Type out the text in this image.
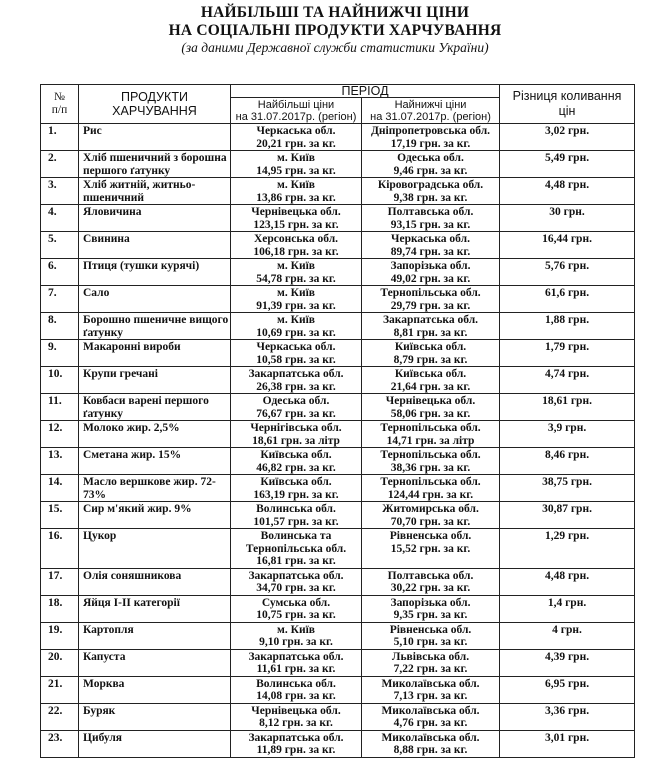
НАЙБІЛЬШІ ТА НАЙНИЖЧІ ЦІНИ
НА СОЦІАЛЬНІ ПРОДУКТИ ХАРЧУВАННЯ
(за даними Державної служби статистики України)
№
п/п	ПРОДУКТИ
ХАРЧУВАННЯ	ПЕРІОД		Різниця коливання
цін

		Найбільші ціни
на 31.07.2017р. (регіон)	Найнижчі ціни
на 31.07.2017р. (регіон)	

1.	Рис	Черкаська обл.
20,21 грн. за кг.	Дніпропетровська обл.
17,19 грн. за кг.	3,02 грн.
2.	Хліб пшеничний з борошна
першого ґатунку	м. Київ
14,95 грн. за кг.	Одеська обл.
9,46 грн. за кг.	5,49 грн.
3.	Хліб житній, житньо-
пшеничний	м. Київ
13,86 грн. за кг.	Кіровоградська обл.
9,38 грн. за кг.	4,48 грн.
4.	Яловичина	Чернівецька обл.
123,15 грн. за кг.	Полтавська обл.
93,15 грн. за кг.	30 грн.
5.	Свинина	Херсонська обл.
106,18 грн. за кг.	Черкаська обл.
89,74 грн. за кг.	16,44 грн.
6.	Птиця (тушки курячі)	м. Київ
54,78 грн. за кг.	Запорізька обл.
49,02 грн. за кг.	5,76 грн.
7.	Сало	м. Київ
91,39 грн. за кг.	Тернопільська обл.
29,79 грн. за кг.	61,6 грн.
8.	Борошно пшеничне вищого
ґатунку	м. Київ
10,69 грн. за кг.	Закарпатська обл.
8,81 грн. за кг.	1,88 грн.
9.	Макаронні вироби	Черкаська обл.
10,58 грн. за кг.	Київська обл.
8,79 грн. за кг.	1,79 грн.
10.	Крупи гречані	Закарпатська обл.
26,38 грн. за кг.	Київська обл.
21,64 грн. за кг.	4,74 грн.
11.	Ковбаси варені першого
ґатунку	Одеська обл.
76,67 грн. за кг.	Чернівецька обл.
58,06 грн. за кг.	18,61 грн.
12.	Молоко жир. 2,5%	Чернігівська обл.
18,61 грн. за літр	Тернопільська обл.
14,71 грн. за літр	3,9 грн.
13.	Сметана жир. 15%	Київська обл.
46,82 грн. за кг.	Тернопільська обл.
38,36 грн. за кг.	8,46 грн.
14.	Масло вершкове жир. 72-
73%	Київська обл.
163,19 грн. за кг.	Тернопільська обл.
124,44 грн. за кг.	38,75 грн.
15.	Сир м'який жир. 9%	Волинська обл.
101,57 грн. за кг.	Житомирська обл.
70,70 грн. за кг.	30,87 грн.
16.	Цукор	Волинська та
Тернопільська обл.
16,81 грн. за кг.	Рівненська обл.
15,52 грн. за кг.	1,29 грн.
17.	Олія соняшникова	Закарпатська обл.
34,70 грн. за кг.	Полтавська обл.
30,22 грн. за кг.	4,48 грн.
18.	Яйця І-ІІ категорії	Сумська обл.
10,75 грн. за кг.	Запорізька обл.
9,35 грн. за кг.	1,4 грн.
19.	Картопля	м. Київ
9,10 грн. за кг.	Рівненська обл.
5,10 грн. за кг.	4 грн.
20.	Капуста	Закарпатська обл.
11,61 грн. за кг.	Львівська обл.
7,22 грн. за кг.	4,39 грн.
21.	Морква	Волинська обл.
14,08 грн. за кг.	Миколаївська обл.
7,13 грн. за кг.	6,95 грн.
22.	Буряк	Чернівецька обл.
8,12 грн. за кг.	Миколаївська обл.
4,76 грн. за кг.	3,36 грн.
23.	Цибуля	Закарпатська обл.
11,89 грн. за кг.	Миколаївська обл.
8,88 грн. за кг.	3,01 грн.
